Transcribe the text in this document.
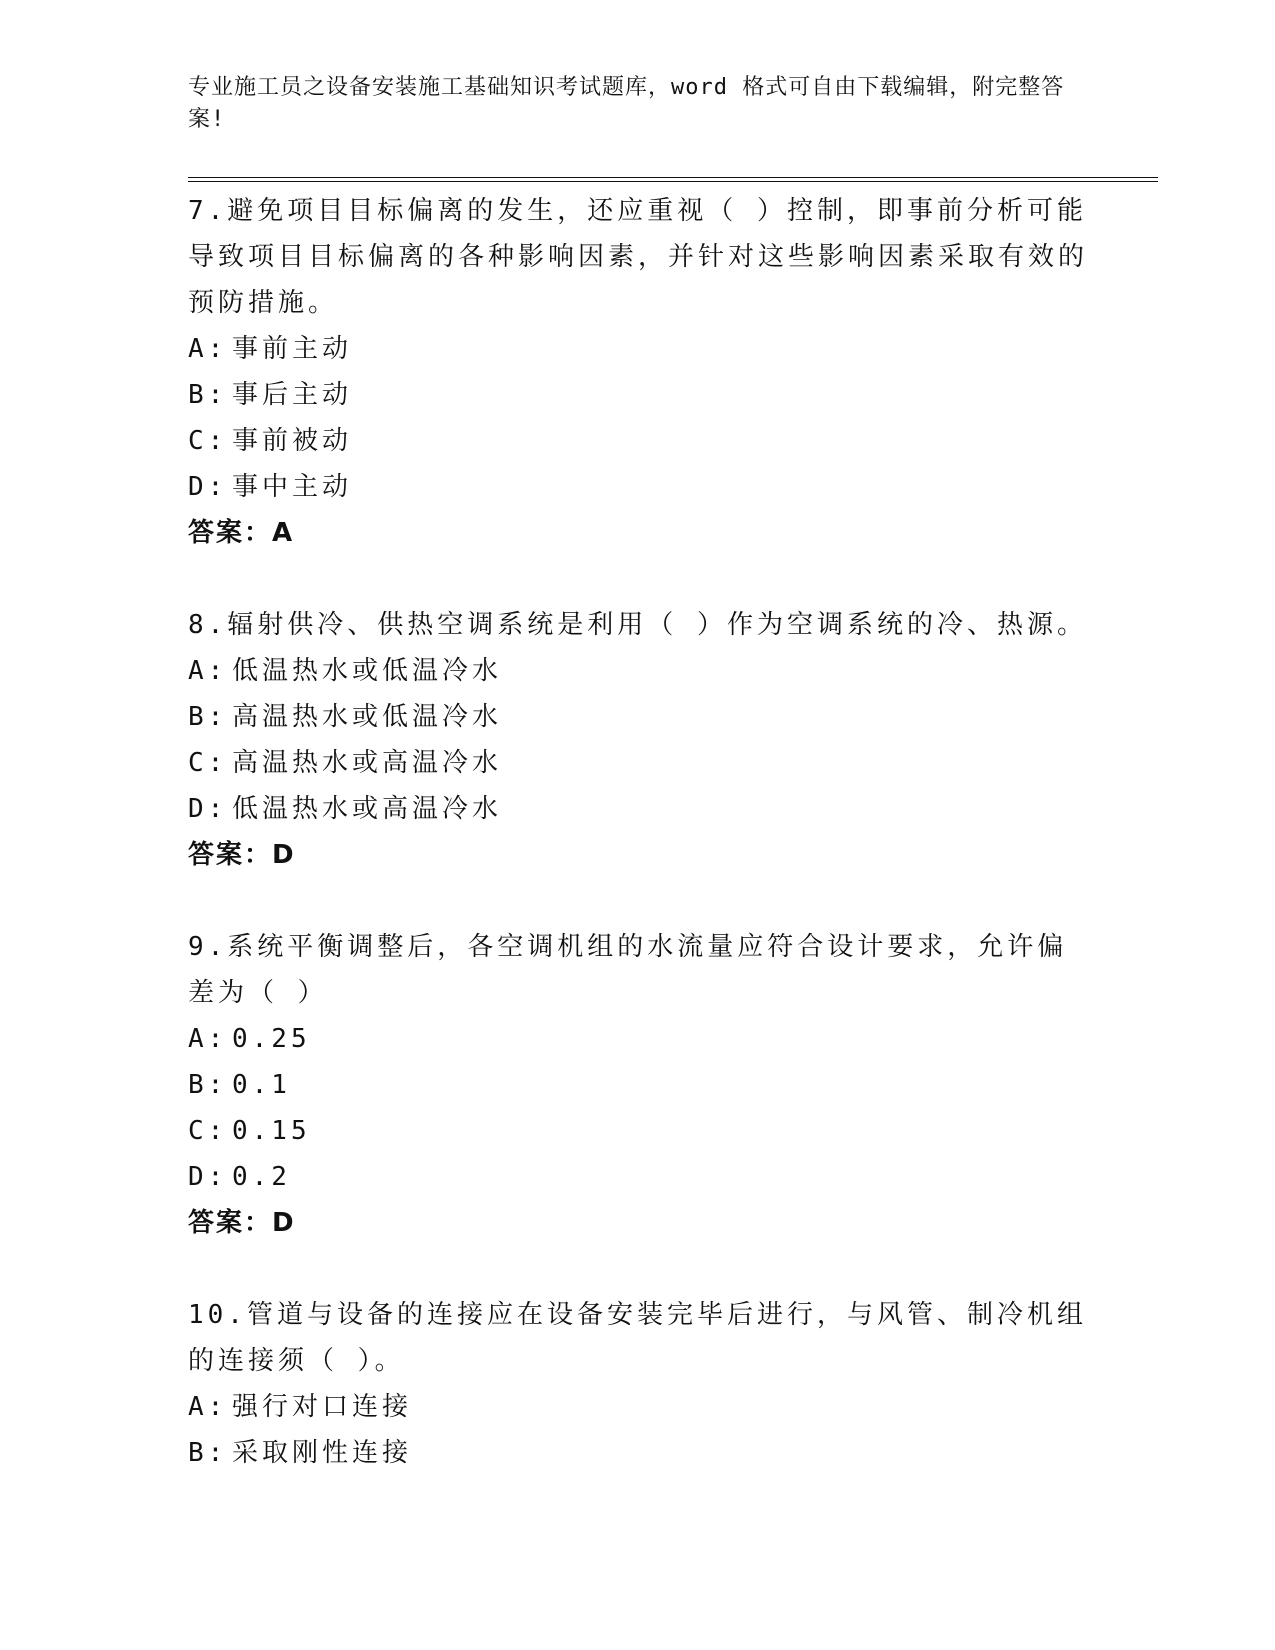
专业施工员之设备安装施工基础知识考试题库，word 格式可自由下载编辑，附完整答案!

7.避免项目目标偏离的发生，还应重视（ ）控制，即事前分析可能导致项目目标偏离的各种影响因素，并针对这些影响因素采取有效的预防措施。

A: 事前主动

B: 事后主动

C: 事前被动

D: 事中主动

答案：A

8.辐射供冷、供热空调系统是利用（ ）作为空调系统的冷、热源。

A: 低温热水或低温冷水

B: 高温热水或低温冷水

C: 高温热水或高温冷水

D: 低温热水或高温冷水

答案：D

9.系统平衡调整后，各空调机组的水流量应符合设计要求，允许偏差为（ ）

A: 0.25

B: 0.1

C: 0.15

D: 0.2

答案：D

10.管道与设备的连接应在设备安装完毕后进行，与风管、制冷机组的连接须（ ）。

A: 强行对口连接

B: 采取刚性连接
